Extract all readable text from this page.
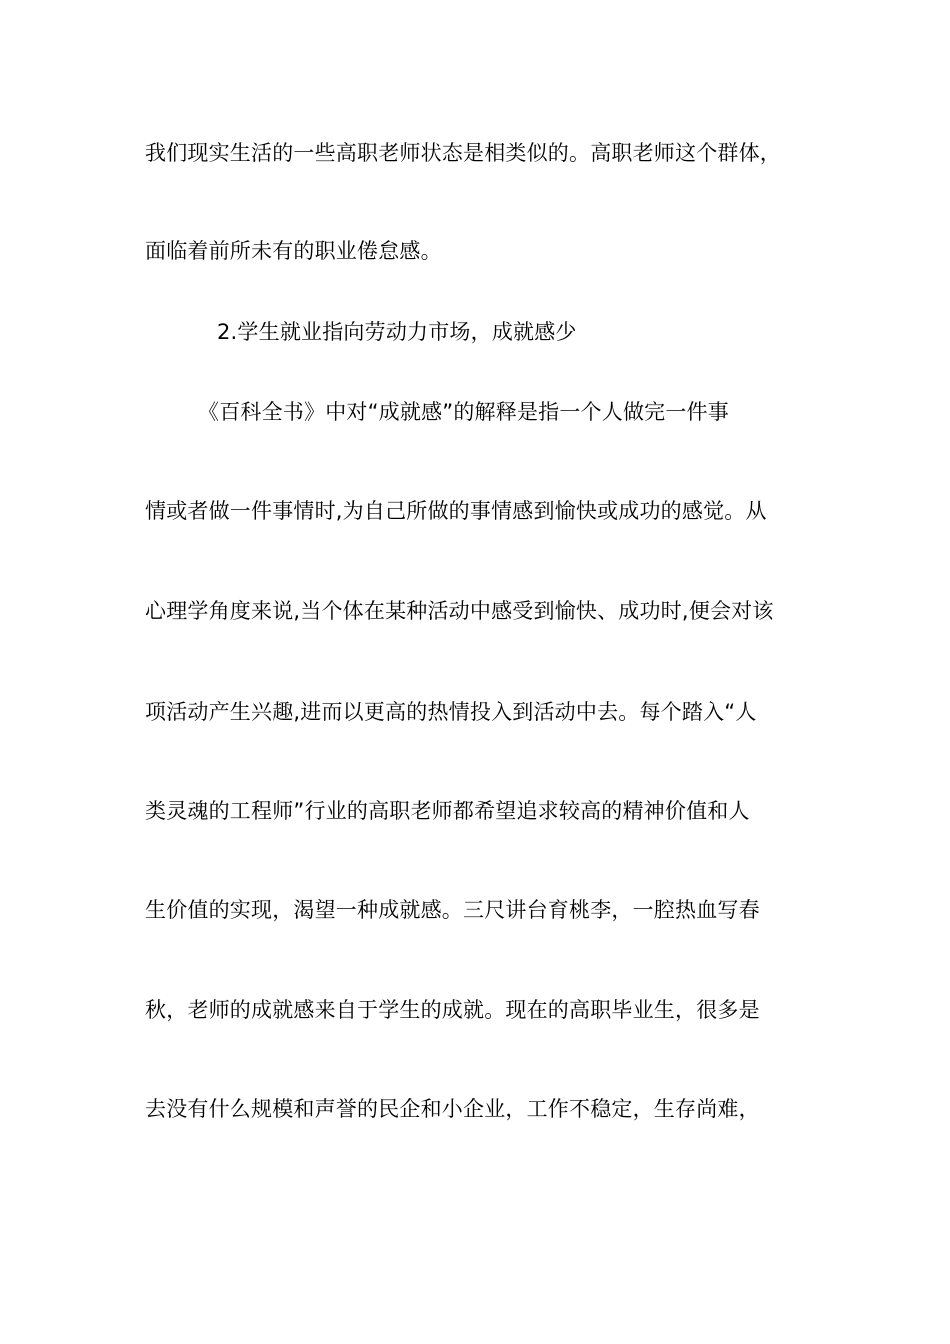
我们现实生活的一些高职老师状态是相类似的。高职老师这个群体，
面临着前所未有的职业倦怠感。
2.学生就业指向劳动力市场，成就感少
《百科全书》中对“成就感”的解释是指一个人做完一件事
情或者做一件事情时,为自己所做的事情感到愉快或成功的感觉。从
心理学角度来说,当个体在某种活动中感受到愉快、成功时,便会对该
项活动产生兴趣,进而以更高的热情投入到活动中去。每个踏入“人
类灵魂的工程师”行业的高职老师都希望追求较高的精神价值和人
生价值的实现，渴望一种成就感。三尺讲台育桃李，一腔热血写春
秋，老师的成就感来自于学生的成就。现在的高职毕业生，很多是
去没有什么规模和声誉的民企和小企业，工作不稳定，生存尚难，
